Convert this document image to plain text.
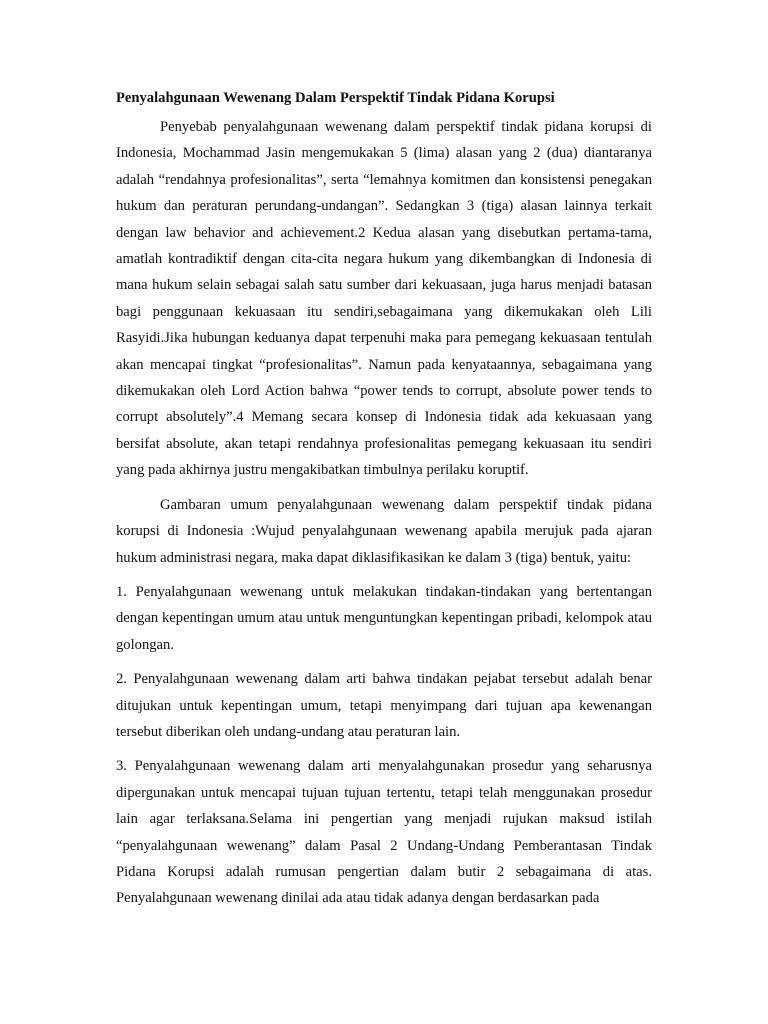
Penyalahgunaan Wewenang Dalam Perspektif Tindak Pidana Korupsi

Penyebab penyalahgunaan wewenang dalam perspektif tindak pidana korupsi di Indonesia, Mochammad Jasin mengemukakan 5 (lima) alasan yang 2 (dua) diantaranya adalah “rendahnya profesionalitas”, serta “lemahnya komitmen dan konsistensi penegakan hukum dan peraturan perundang-undangan”. Sedangkan 3 (tiga) alasan lainnya terkait dengan law behavior and achievement.2 Kedua alasan yang disebutkan pertama-tama, amatlah kontradiktif dengan cita-cita negara hukum yang dikembangkan di Indonesia di mana hukum selain sebagai salah satu sumber dari kekuasaan, juga harus menjadi batasan bagi penggunaan kekuasaan itu sendiri,sebagaimana yang dikemukakan oleh Lili Rasyidi.Jika hubungan keduanya dapat terpenuhi maka para pemegang kekuasaan tentulah akan mencapai tingkat “profesionalitas”. Namun pada kenyataannya, sebagaimana yang dikemukakan oleh Lord Action bahwa “power tends to corrupt, absolute power tends to corrupt absolutely”.4 Memang secara konsep di Indonesia tidak ada kekuasaan yang bersifat absolute, akan tetapi rendahnya profesionalitas pemegang kekuasaan itu sendiri yang pada akhirnya justru mengakibatkan timbulnya perilaku koruptif.

Gambaran umum penyalahgunaan wewenang dalam perspektif tindak pidana korupsi di Indonesia :Wujud penyalahgunaan wewenang apabila merujuk pada ajaran hukum administrasi negara, maka dapat diklasifikasikan ke dalam 3 (tiga) bentuk, yaitu:

1. Penyalahgunaan wewenang untuk melakukan tindakan-tindakan yang bertentangan dengan kepentingan umum atau untuk menguntungkan kepentingan pribadi, kelompok atau golongan.

2. Penyalahgunaan wewenang dalam arti bahwa tindakan pejabat tersebut adalah benar ditujukan untuk kepentingan umum, tetapi menyimpang dari tujuan apa kewenangan tersebut diberikan oleh undang-undang atau peraturan lain.

3. Penyalahgunaan wewenang dalam arti menyalahgunakan prosedur yang seharusnya dipergunakan untuk mencapai tujuan tujuan tertentu, tetapi telah menggunakan prosedur lain agar terlaksana.Selama ini pengertian yang menjadi rujukan maksud istilah “penyalahgunaan wewenang” dalam Pasal 2 Undang-Undang Pemberantasan Tindak Pidana Korupsi adalah rumusan pengertian dalam butir 2 sebagaimana di atas. Penyalahgunaan wewenang dinilai ada atau tidak adanya dengan berdasarkan pada
